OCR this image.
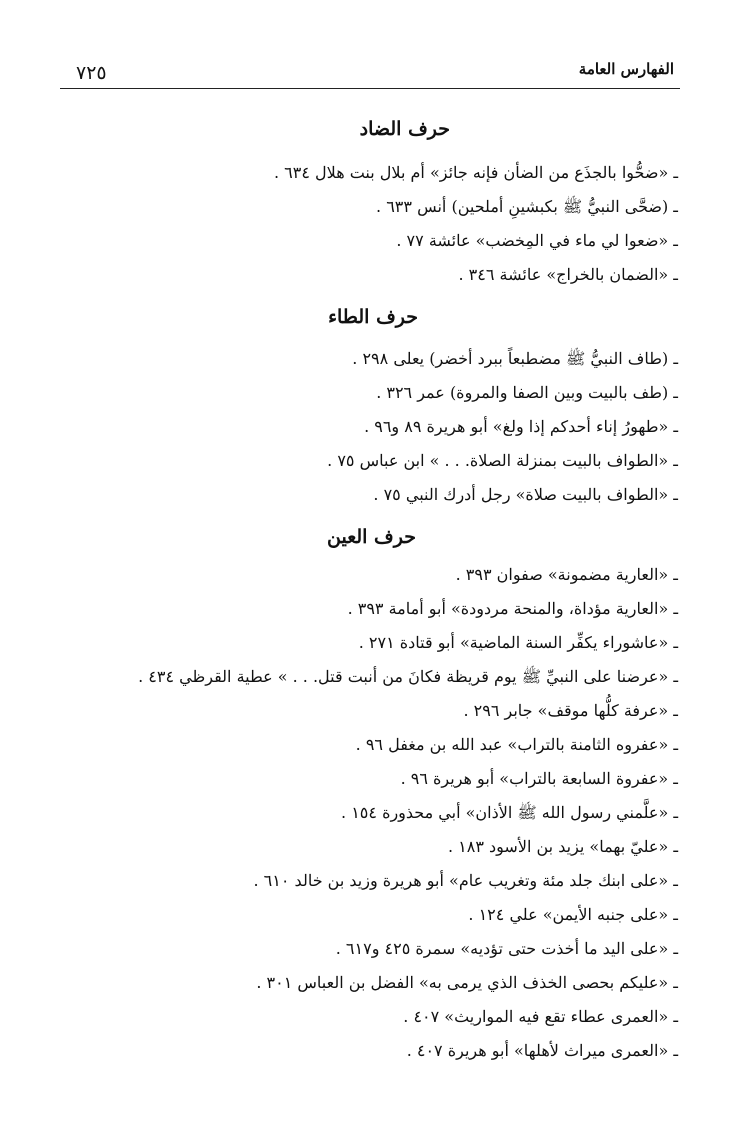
٧٢٥	الفهارس العامة
حرف الضاد
ـ «ضحُّوا بالجذَع من الضأن فإنه جائز» أم بلال بنت هلال ٦٣٤ .
ـ (ضحَّى النبيُّ ﷺ بكبشينِ أملحين) أنس ٦٣٣ .
ـ «ضعوا لي ماء في المِخضب» عائشة ٧٧ .
ـ «الضمان بالخراج» عائشة ٣٤٦ .
حرف الطاء
ـ (طاف النبيُّ ﷺ مضطبعاً ببرد أخضر) يعلى ٢٩٨ .
ـ (طف بالبيت وبين الصفا والمروة) عمر ٣٢٦ .
ـ «طهورُ إناء أحدكم إذا ولغ» أبو هريرة ٨٩ و٩٦ .
ـ «الطواف بالبيت بمنزلة الصلاة. . . » ابن عباس ٧٥ .
ـ «الطواف بالبيت صلاة» رجل أدرك النبي ٧٥ .
حرف العين
ـ «العارية مضمونة» صفوان ٣٩٣ .
ـ «العارية مؤداة، والمنحة مردودة» أبو أمامة ٣٩٣ .
ـ «عاشوراء يكفِّر السنة الماضية» أبو قتادة ٢٧١ .
ـ «عرضنا على النبيِّ ﷺ يوم قريظة فكانَ من أنبت قتل. . . » عطية القرظي ٤٣٤ .
ـ «عرفة كلُّها موقف» جابر ٢٩٦ .
ـ «عفروه الثامنة بالتراب» عبد الله بن مغفل ٩٦ .
ـ «عفروة السابعة بالتراب» أبو هريرة ٩٦ .
ـ «علَّمني رسول الله ﷺ الأذان» أبي محذورة ١٥٤ .
ـ «عليّ بهما» يزيد بن الأسود ١٨٣ .
ـ «على ابنك جلد مئة وتغريب عام» أبو هريرة وزيد بن خالد ٦١٠ .
ـ «على جنبه الأيمن» علي ١٢٤ .
ـ «على اليد ما أخذت حتى تؤديه» سمرة ٤٢٥ و٦١٧ .
ـ «عليكم بحصى الخذف الذي يرمى به» الفضل بن العباس ٣٠١ .
ـ «العمرى عطاء تقع فيه المواريث» ٤٠٧ .
ـ «العمرى ميراث لأهلها» أبو هريرة ٤٠٧ .
